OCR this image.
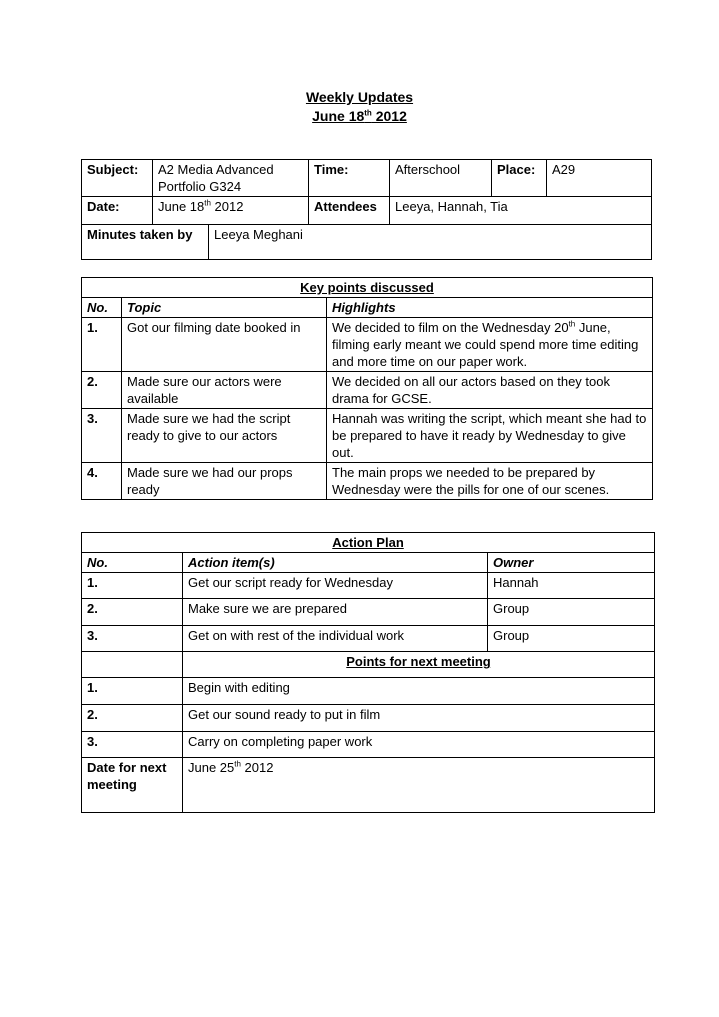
Weekly Updates
June 18th 2012
Subject:	A2 Media Advanced Portfolio G324		Time:	Afterschool	Place:	A29
Date:	June 18th 2012		Attendees	Leeya, Hannah, Tia		
Minutes taken by		Leeya Meghani				
Key points discussed		
No.	Topic	Highlights
1.	Got our filming date booked in	We decided to film on the Wednesday 20th June, filming early meant we could spend more time editing and more time on our paper work.
2.	Made sure our actors were available	We decided on all our actors based on they took drama for GCSE.
3.	Made sure we had the script ready to give to our actors	Hannah was writing the script, which meant she had to be prepared to have it ready by Wednesday to give out.
4.	Made sure we had our props ready	The main props we needed to be prepared by Wednesday were the pills for one of our scenes.
Action Plan		
No.	Action item(s)	Owner
1.	Get our script ready for Wednesday	Hannah
2.	Make sure we are prepared	Group
3.	Get on with rest of the individual work	Group
	Points for next meeting	
1.	Begin with editing	
2.	Get our sound ready to put in film	
3.	Carry on completing paper work	
Date for next meeting	June 25th 2012	
